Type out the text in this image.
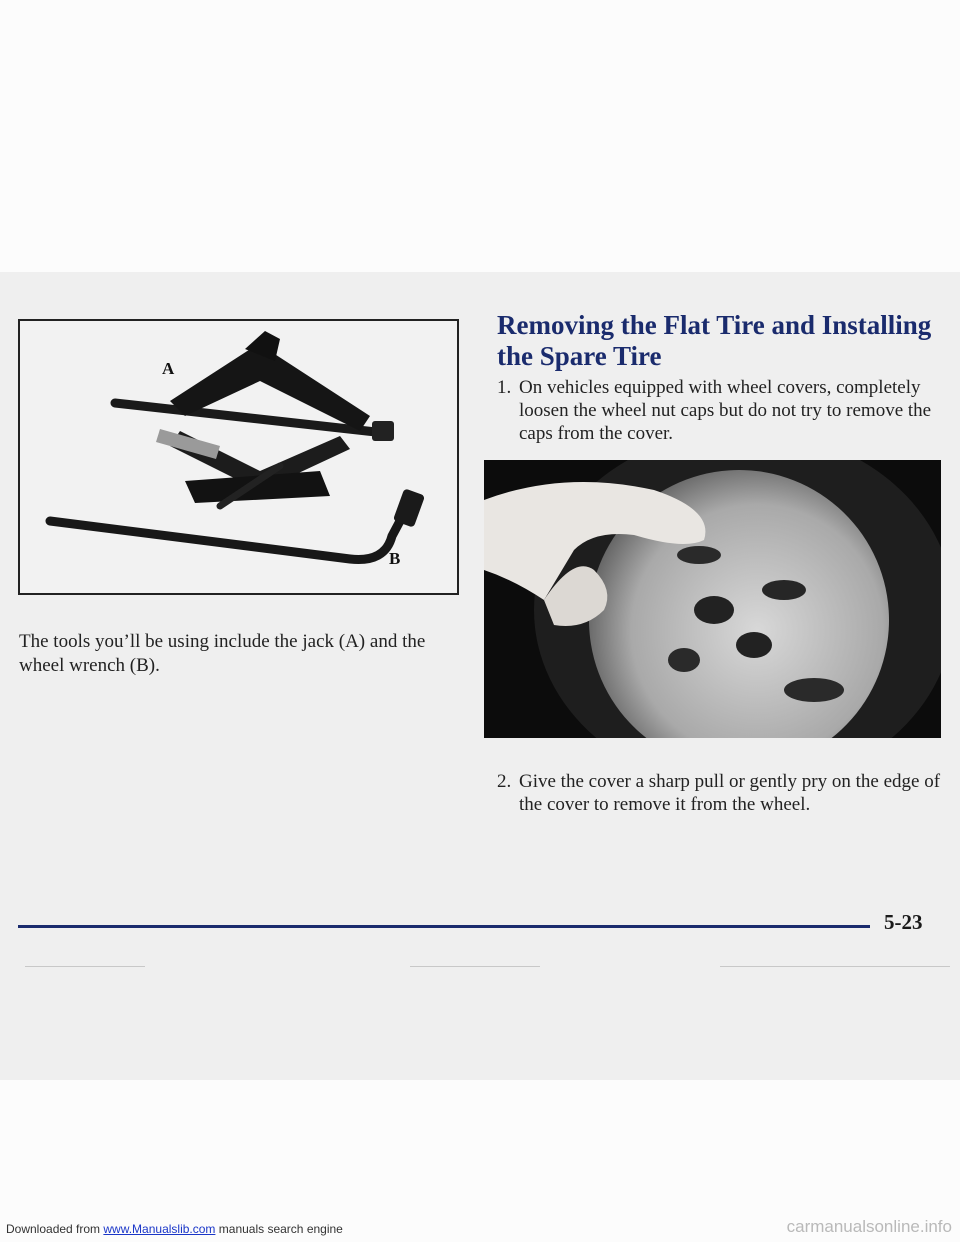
A
B
The tools you’ll be using include the jack (A) and the wheel wrench (B).
Removing the Flat Tire and Installing the Spare Tire
1. On vehicles equipped with wheel covers, completely loosen the wheel nut caps but do not try to remove the caps from the cover.
2. Give the cover a sharp pull or gently pry on the edge of the cover to remove it from the wheel.
5-23
Downloaded from www.Manualslib.com manuals search engine	carmanualsonline.info
